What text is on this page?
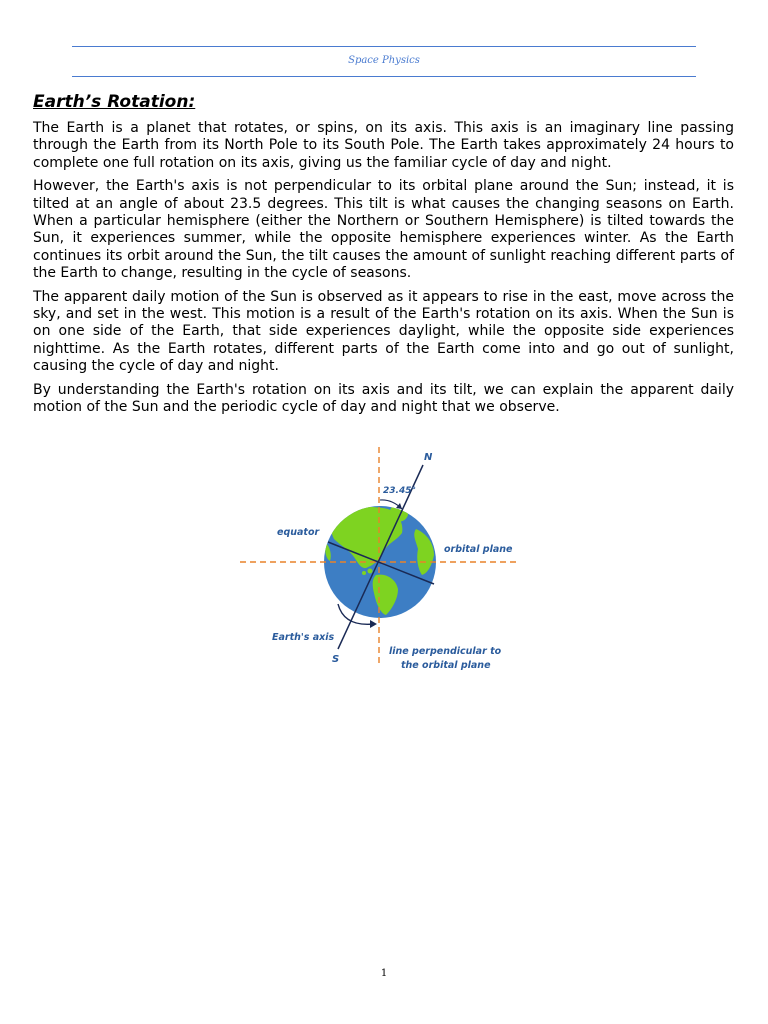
Space Physics
Earth’s Rotation:

The Earth is a planet that rotates, or spins, on its axis. This axis is an imaginary line passing through the Earth from its North Pole to its South Pole. The Earth takes approximately 24 hours to complete one full rotation on its axis, giving us the familiar cycle of day and night.

However, the Earth's axis is not perpendicular to its orbital plane around the Sun; instead, it is tilted at an angle of about 23.5 degrees. This tilt is what causes the changing seasons on Earth. When a particular hemisphere (either the Northern or Southern Hemisphere) is tilted towards the Sun, it experiences summer, while the opposite hemisphere experiences winter. As the Earth continues its orbit around the Sun, the tilt causes the amount of sunlight reaching different parts of the Earth to change, resulting in the cycle of seasons.

The apparent daily motion of the Sun is observed as it appears to rise in the east, move across the sky, and set in the west. This motion is a result of the Earth's rotation on its axis. When the Sun is on one side of the Earth, that side experiences daylight, while the opposite side experiences nighttime. As the Earth rotates, different parts of the Earth come into and go out of sunlight, causing the cycle of day and night.

By understanding the Earth's rotation on its axis and its tilt, we can explain the apparent daily motion of the Sun and the periodic cycle of day and night that we observe.

N
S
23.45°
equator
orbital plane
Earth's axis
line perpendicular to
the orbital plane
1
